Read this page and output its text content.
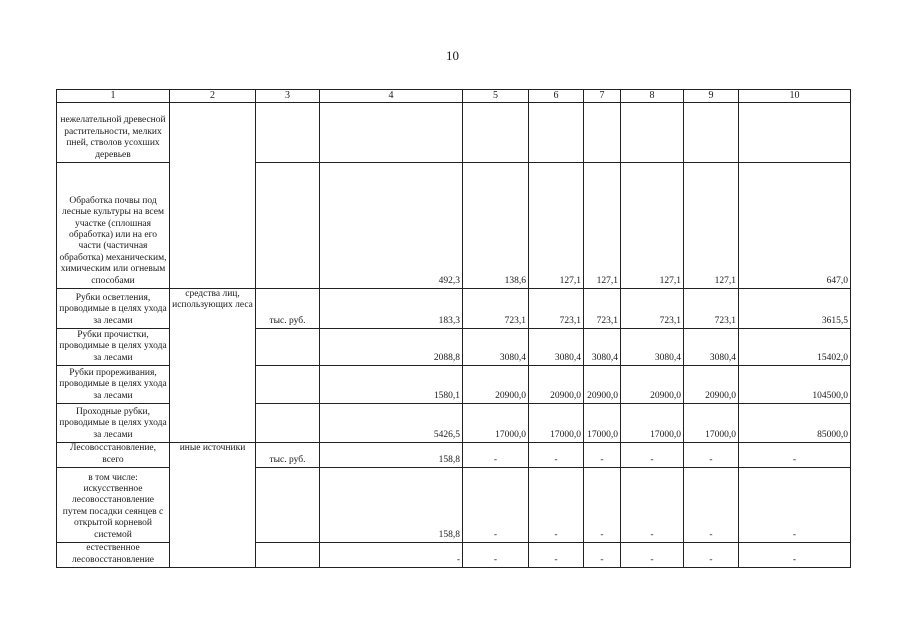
10
1	2	3	4	5	6	7	8	9	10
нежелательной древесной растительности, мелких пней, стволов усохших деревьев									
Обработка почвы под лесные культуры на всем участке (сплошная обработка) или на его части (частичная обработка) механическим, химическим или огневым способами			492,3	138,6	127,1	127,1	127,1	127,1	647,0
Рубки осветления, проводимые в целях ухода за лесами	средства лиц, использующих леса	тыс. руб.	183,3	723,1	723,1	723,1	723,1	723,1	3615,5
Рубки прочистки, проводимые в целях ухода за лесами			2088,8	3080,4	3080,4	3080,4	3080,4	3080,4	15402,0
Рубки прореживания, проводимые в целях ухода за лесами			1580,1	20900,0	20900,0	20900,0	20900,0	20900,0	104500,0
Проходные рубки, проводимые в целях ухода за лесами			5426,5	17000,0	17000,0	17000,0	17000,0	17000,0	85000,0
Лесовосстановление, всего	иные источники	тыс. руб.	158,8	-	-	-	-	-	-
в том числе: искусственное лесовосстановление путем посадки сеянцев с открытой корневой системой			158,8	-	-	-	-	-	-
естественное лесовосстановление			-	-	-	-	-	-	-
